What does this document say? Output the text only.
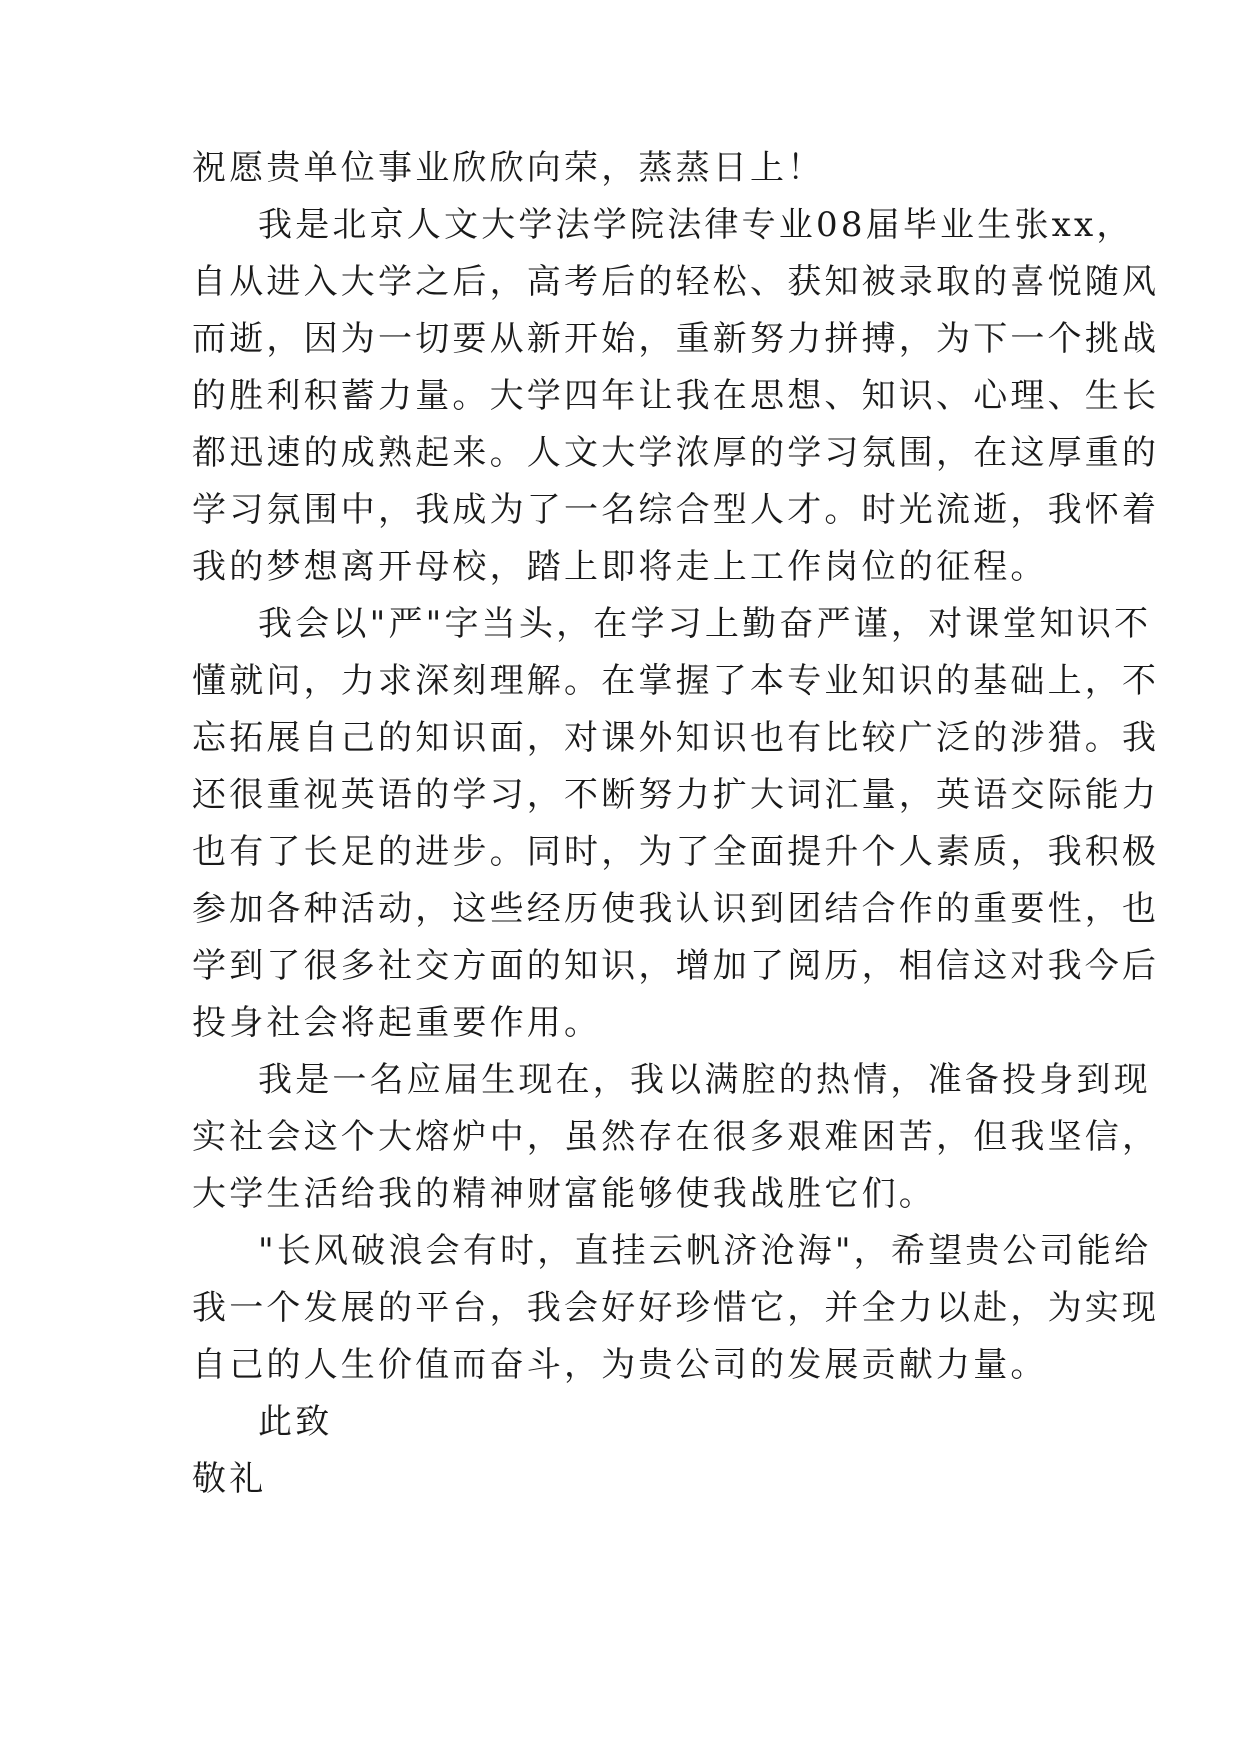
祝愿贵单位事业欣欣向荣，蒸蒸日上！

我是北京人文大学法学院法律专业08届毕业生张xx，

自从进入大学之后，高考后的轻松、获知被录取的喜悦随风

而逝，因为一切要从新开始，重新努力拼搏，为下一个挑战

的胜利积蓄力量。大学四年让我在思想、知识、心理、生长

都迅速的成熟起来。人文大学浓厚的学习氛围，在这厚重的

学习氛围中，我成为了一名综合型人才。时光流逝，我怀着

我的梦想离开母校，踏上即将走上工作岗位的征程。

我会以"严"字当头，在学习上勤奋严谨，对课堂知识不

懂就问，力求深刻理解。在掌握了本专业知识的基础上，不

忘拓展自己的知识面，对课外知识也有比较广泛的涉猎。我

还很重视英语的学习，不断努力扩大词汇量，英语交际能力

也有了长足的进步。同时，为了全面提升个人素质，我积极

参加各种活动，这些经历使我认识到团结合作的重要性，也

学到了很多社交方面的知识，增加了阅历，相信这对我今后

投身社会将起重要作用。

我是一名应届生现在，我以满腔的热情，准备投身到现

实社会这个大熔炉中，虽然存在很多艰难困苦，但我坚信，

大学生活给我的精神财富能够使我战胜它们。

"长风破浪会有时，直挂云帆济沧海"，希望贵公司能给

我一个发展的平台，我会好好珍惜它，并全力以赴，为实现

自己的人生价值而奋斗，为贵公司的发展贡献力量。

此致

敬礼
